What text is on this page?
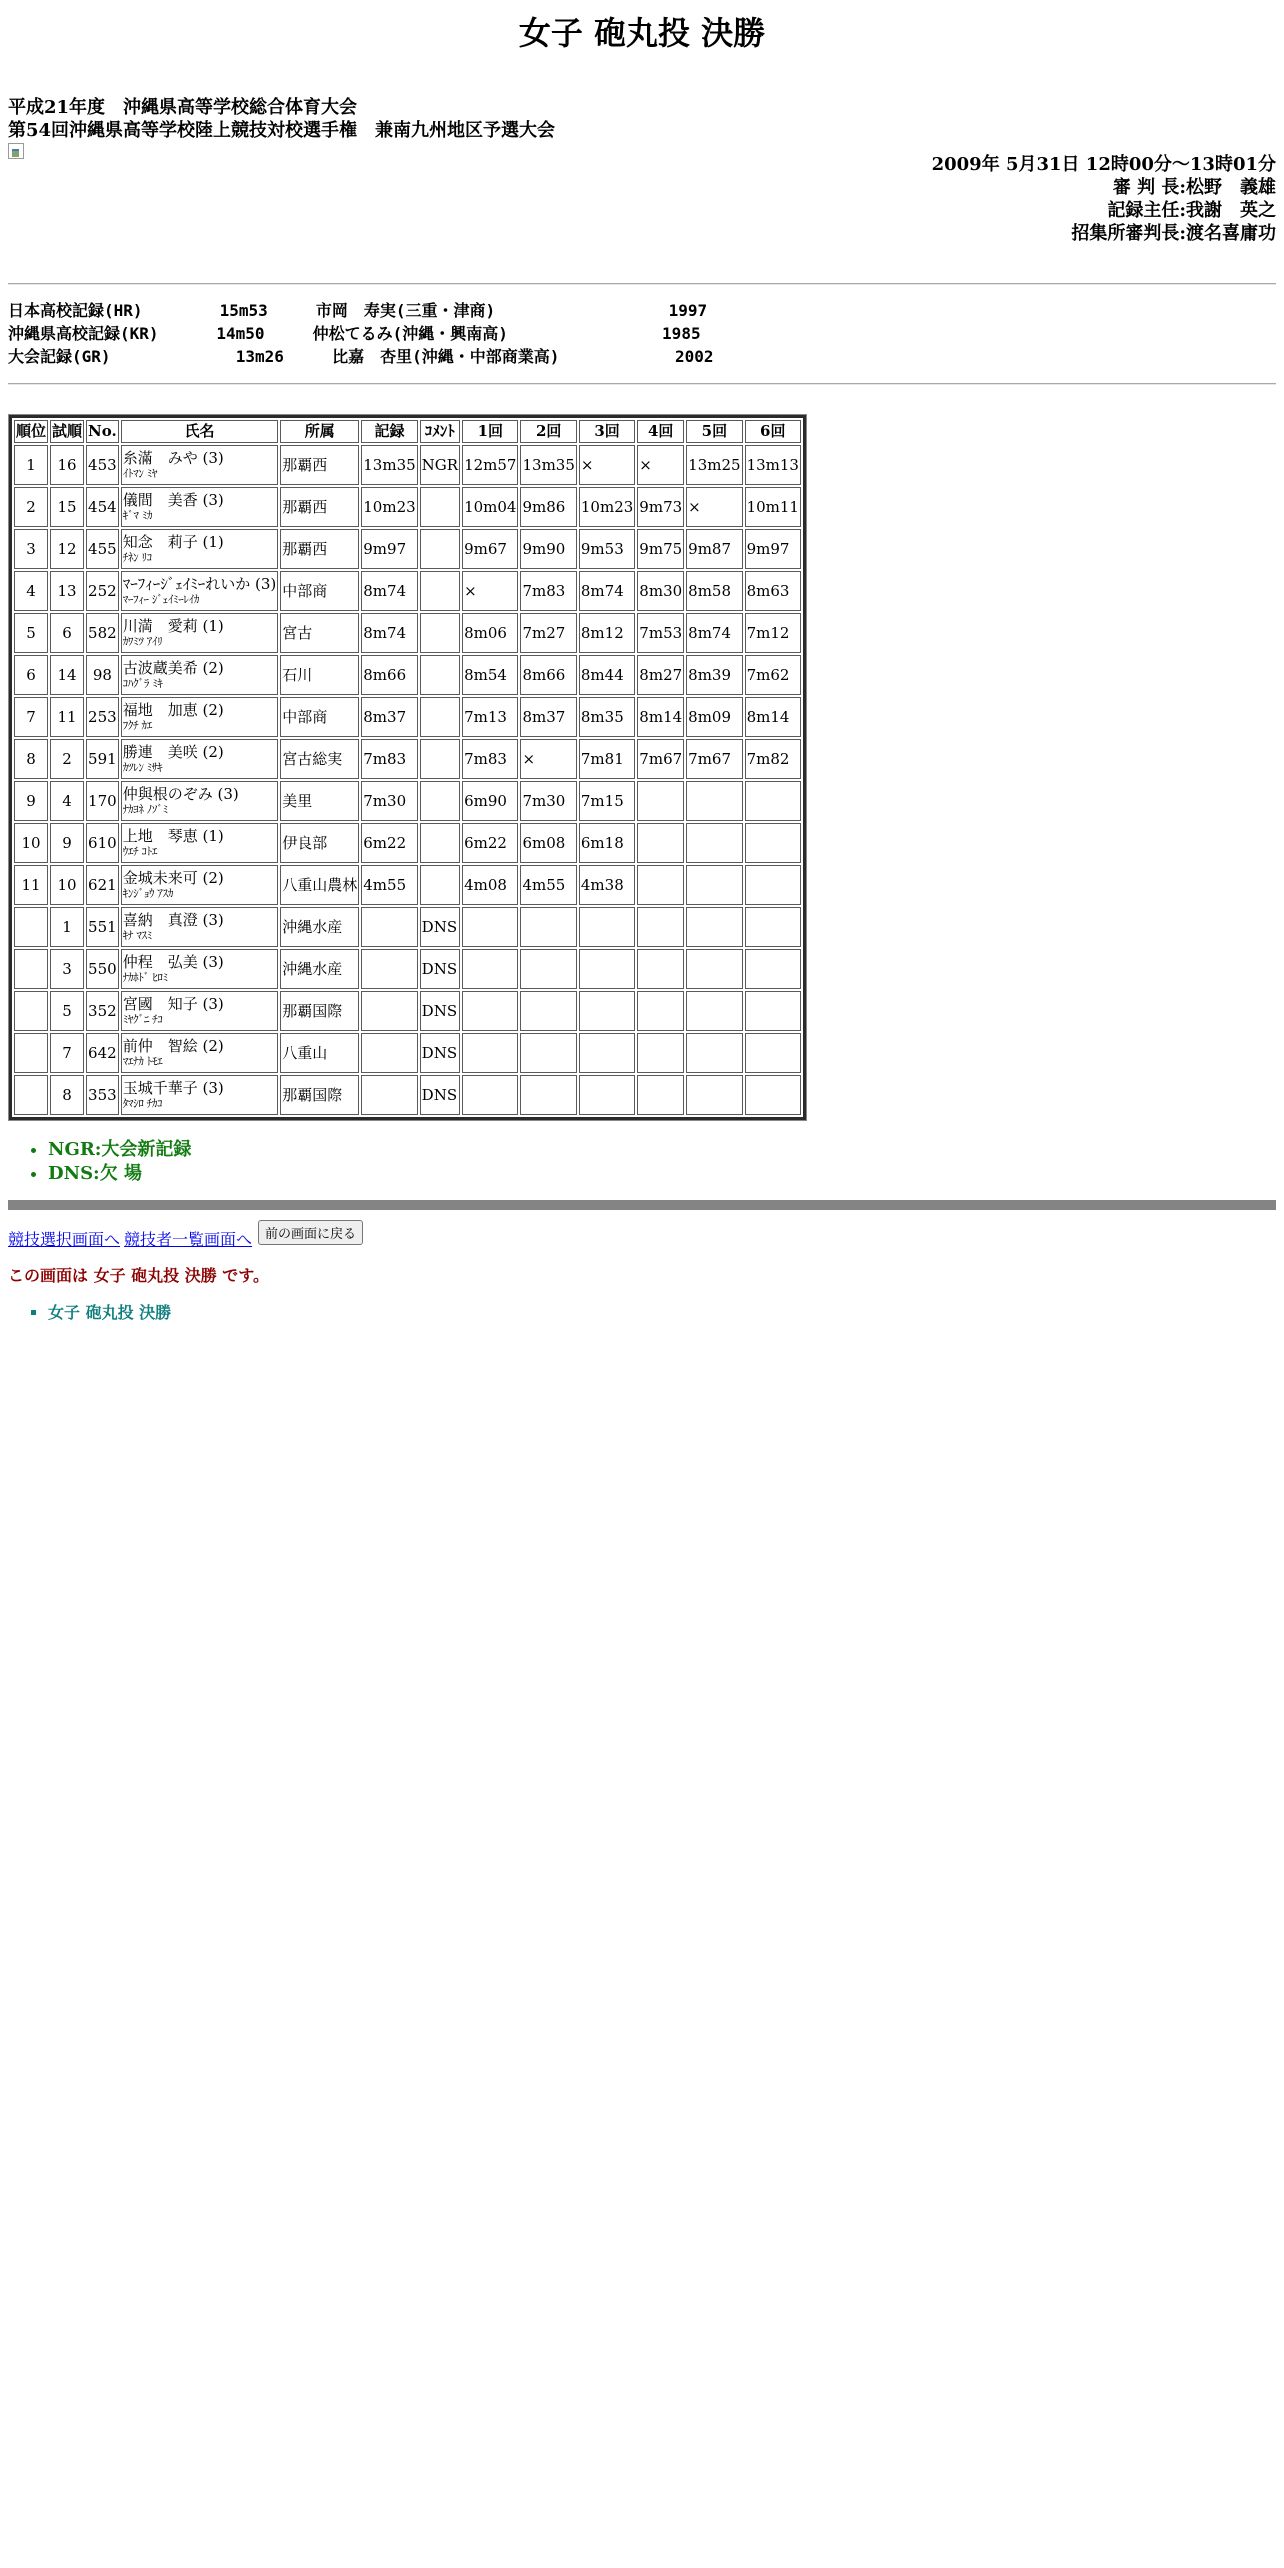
女子 砲丸投 決勝
平成21年度　沖縄県高等学校総合体育大会
第54回沖縄県高等学校陸上競技対校選手権　兼南九州地区予選大会
2009年 5月31日 12時00分～13時01分
審 判 長:松野　義雄
記録主任:我謝　英之
招集所審判長:渡名喜庸功
日本高校記録(HR)        15m53     市岡　寿実(三重・津商)                  1997
沖縄県高校記録(KR)      14m50     仲松てるみ(沖縄・興南高)                1985
大会記録(GR)             13m26     比嘉　杏里(沖縄・中部商業高)            2002
順位	試順	No.	氏名	所属	記録	ｺﾒﾝﾄ	1回	2回	3回	4回	5回	6回
1	16	453	糸滿　みや (3)
ｲﾄﾏﾝ ﾐﾔ	那覇西	13m35	NGR	12m57	13m35	×	×	13m25	13m13
2	15	454	儀間　美香 (3)
ｷﾞﾏ ﾐｶ	那覇西	10m23		10m04	9m86	10m23	9m73	×	10m11
3	12	455	知念　莉子 (1)
ﾁﾈﾝ ﾘｺ	那覇西	9m97		9m67	9m90	9m53	9m75	9m87	9m97
4	13	252	ﾏｰﾌｨｰｼﾞｪｲﾐｰれいか (3)
ﾏｰﾌｨｰ ｼﾞｪｲﾐｰﾚｲｶ	中部商	8m74		×	7m83	8m74	8m30	8m58	8m63
5	6	582	川満　愛莉 (1)
ｶﾜﾐﾂ ｱｲﾘ	宮古	8m74		8m06	7m27	8m12	7m53	8m74	7m12
6	14	98	古波蔵美希 (2)
ｺﾊｸﾞﾗ ﾐｷ	石川	8m66		8m54	8m66	8m44	8m27	8m39	7m62
7	11	253	福地　加恵 (2)
ﾌｸﾁ ｶｴ	中部商	8m37		7m13	8m37	8m35	8m14	8m09	8m14
8	2	591	勝連　美咲 (2)
ｶﾂﾚﾝ ﾐｻｷ	宮古総実	7m83		7m83	×	7m81	7m67	7m67	7m82
9	4	170	仲與根のぞみ (3)
ﾅｶﾖﾈ ﾉｿﾞﾐ	美里	7m30		6m90	7m30	7m15			
10	9	610	上地　琴恵 (1)
ｳｴﾁ ｺﾄｴ	伊良部	6m22		6m22	6m08	6m18			
11	10	621	金城未来可 (2)
ｷﾝｼﾞｮｳ ｱｽｶ	八重山農林	4m55		4m08	4m55	4m38			
	1	551	喜納　真澄 (3)
ｷﾅ ﾏｽﾐ	沖縄水産		DNS						
	3	550	仲程　弘美 (3)
ﾅｶﾎﾄﾞ ﾋﾛﾐ	沖縄水産		DNS						
	5	352	宮國　知子 (3)
ﾐﾔｸﾞﾆ ﾁｺ	那覇国際		DNS						
	7	642	前仲　智絵 (2)
ﾏｴﾅｶ ﾄﾓｴ	八重山		DNS						
	8	353	玉城千華子 (3)
ﾀﾏｼﾛ ﾁｶｺ	那覇国際		DNS						
• NGR:大会新記録
• DNS:欠 場
競技選択画面へ 競技者一覧画面へ	前の画面に戻る
この画面は 女子 砲丸投 決勝 です。
▪ 女子 砲丸投 決勝
